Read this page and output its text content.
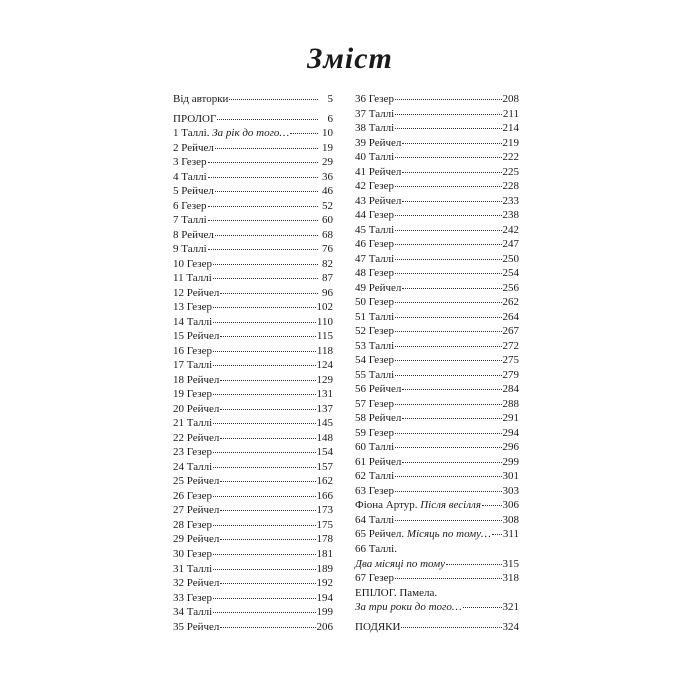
Зміст
Від авторки	5
ПРОЛОГ	6
1 Таллі. За рік до того…	10
2 Рейчел	19
3 Гезер	29
4 Таллі	36
5 Рейчел	46
6 Гезер	52
7 Таллі	60
8 Рейчел	68
9 Таллі	76
10 Гезер	82
11 Таллі	87
12 Рейчел	96
13 Гезер	102
14 Таллі	110
15 Рейчел	115
16 Гезер	118
17 Таллі	124
18 Рейчел	129
19 Гезер	131
20 Рейчел	137
21 Таллі	145
22 Рейчел	148
23 Гезер	154
24 Таллі	157
25 Рейчел	162
26 Гезер	166
27 Рейчел	173
28 Гезер	175
29 Рейчел	178
30 Гезер	181
31 Таллі	189
32 Рейчел	192
33 Гезер	194
34 Таллі	199
35 Рейчел	206
36 Гезер	208
37 Таллі	211
38 Таллі	214
39 Рейчел	219
40 Таллі	222
41 Рейчел	225
42 Гезер	228
43 Рейчел	233
44 Гезер	238
45 Таллі	242
46 Гезер	247
47 Таллі	250
48 Гезер	254
49 Рейчел	256
50 Гезер	262
51 Таллі	264
52 Гезер	267
53 Таллі	272
54 Гезер	275
55 Таллі	279
56 Рейчел	284
57 Гезер	288
58 Рейчел	291
59 Гезер	294
60 Таллі	296
61 Рейчел	299
62 Таллі	301
63 Гезер	303
Фіона Артур. Після весілля 306
64 Таллі	308
65 Рейчел. Місяць по тому… 311
66 Таллі.
Два місяці по тому	315
67 Гезер	318
ЕПІЛОГ. Памела.
За три роки до того…	321
ПОДЯКИ	324
